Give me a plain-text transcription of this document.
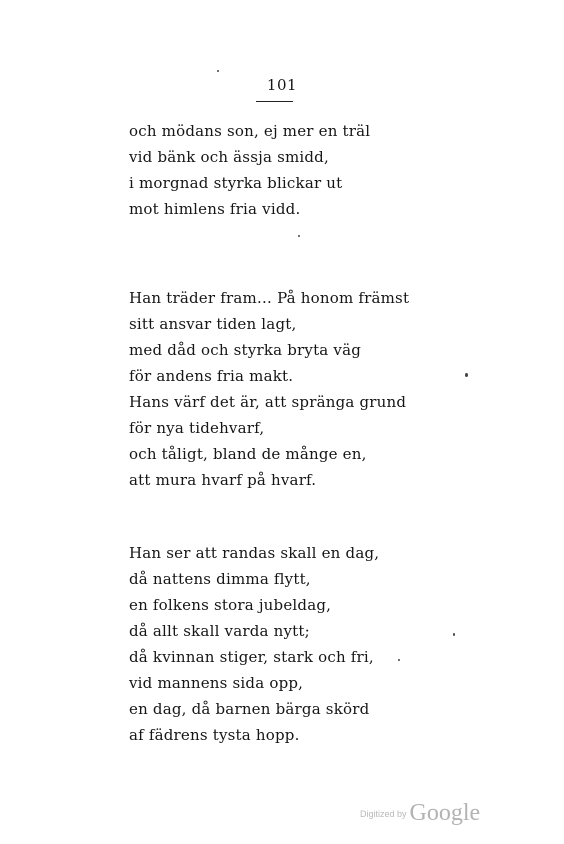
101
och mödans son, ej mer en träl
vid bänk och ässja smidd,
i morgnad styrka blickar ut
mot himlens fria vidd.
Han träder fram… På honom främst
sitt ansvar tiden lagt,
med dåd och styrka bryta väg
för andens fria makt.
Hans värf det är, att spränga grund
för nya tidehvarf,
och tåligt, bland de månge en,
att mura hvarf på hvarf.
Han ser att randas skall en dag,
då nattens dimma flytt,
en folkens stora jubeldag,
då allt skall varda nytt;
då kvinnan stiger, stark och fri,
vid mannens sida opp,
en dag, då barnen bärga skörd
af fädrens tysta hopp.
Digitized by Google
